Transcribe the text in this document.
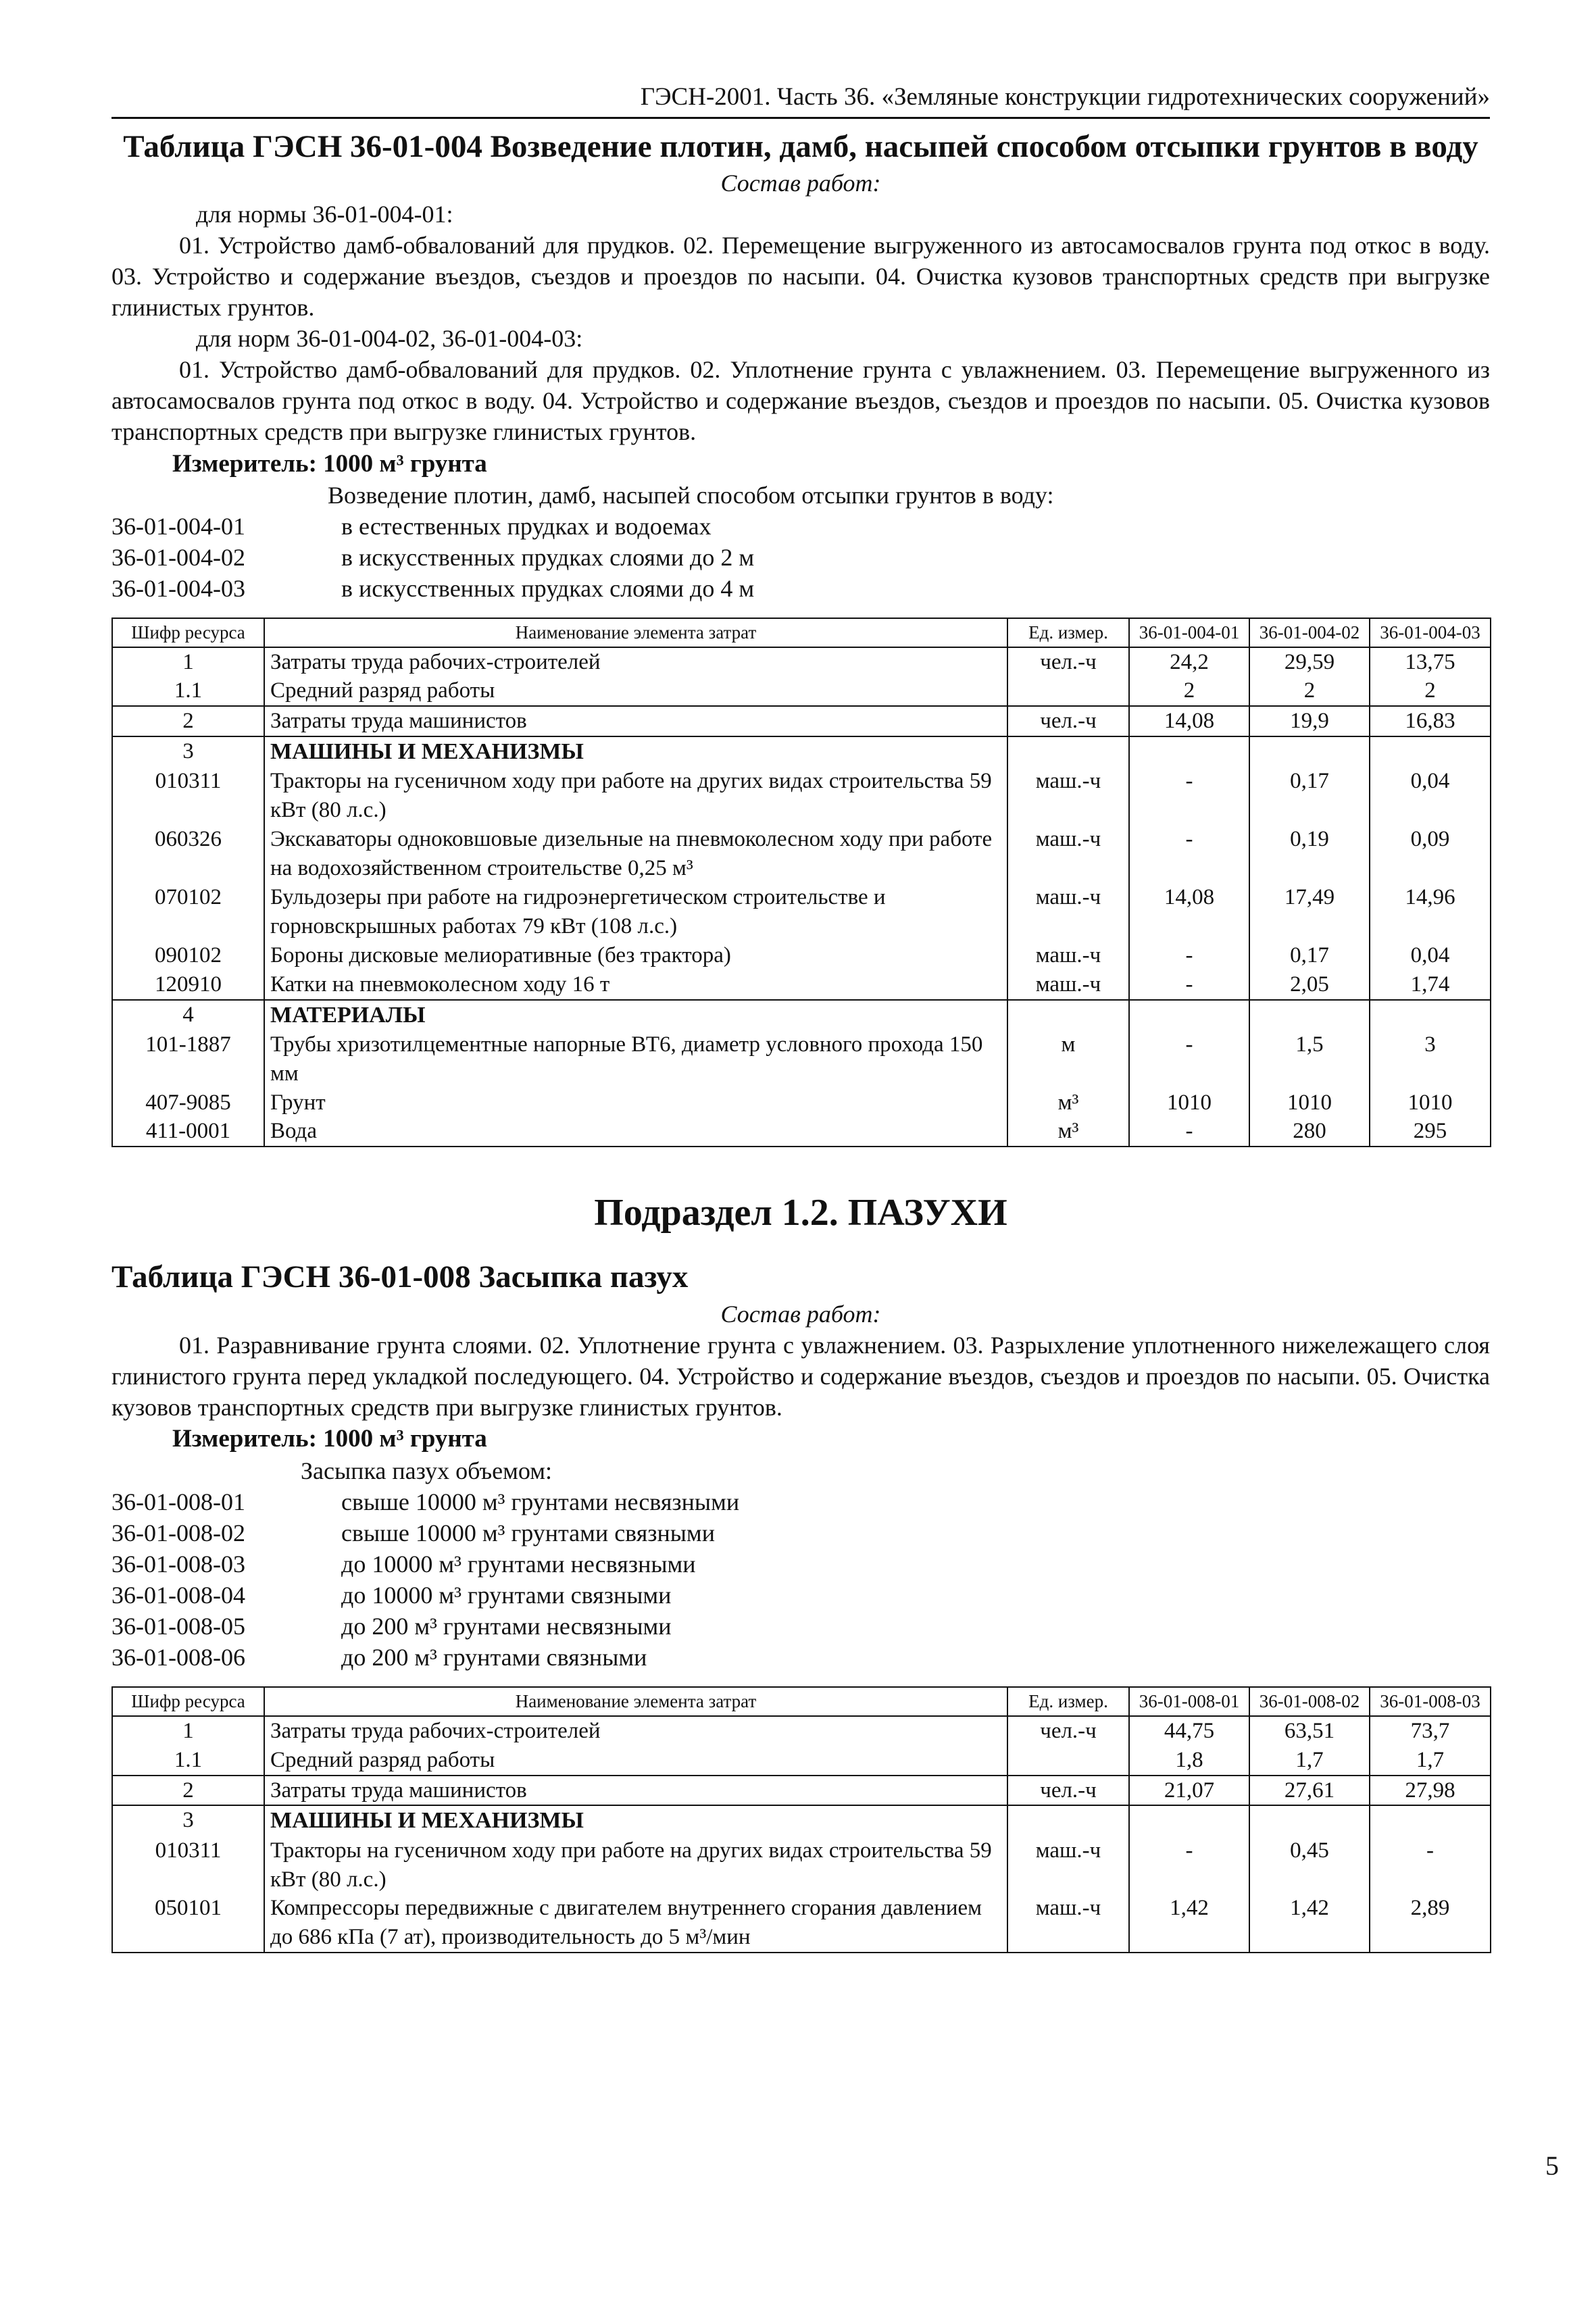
ГЭСН-2001. Часть 36. «Земляные конструкции гидротехнических сооружений»
Таблица ГЭСН 36-01-004 Возведение плотин, дамб, насыпей способом отсыпки грунтов в воду
Состав работ:

для нормы 36-01-004-01:

01. Устройство дамб-обвалований для прудков. 02. Перемещение выгруженного из автосамосвалов грунта под откос в воду. 03. Устройство и содержание въездов, съездов и проездов по насыпи. 04. Очистка кузовов транспортных средств при выгрузке глинистых грунтов.

для норм 36-01-004-02, 36-01-004-03:

01. Устройство дамб-обвалований для прудков. 02. Уплотнение грунта с увлажнением. 03. Перемещение выгруженного из автосамосвалов грунта под откос в воду. 04. Устройство и содержание въездов, съездов и проездов по насыпи. 05. Очистка кузовов транспортных средств при выгрузке глинистых грунтов.

Измеритель: 1000 м³ грунта

Возведение плотин, дамб, насыпей способом отсыпки грунтов в воду:

36-01-004-01	в естественных прудках и водоемах
36-01-004-02	в искусственных прудках слоями до 2 м
36-01-004-03	в искусственных прудках слоями до 4 м
Шифр ресурса	Наименование элемента затрат	Ед. измер.	36-01-004-01	36-01-004-02	36-01-004-03
1	Затраты труда рабочих-строителей	чел.-ч	24,2	29,59	13,75
1.1	Средний разряд работы		2	2	2
2	Затраты труда машинистов	чел.-ч	14,08	19,9	16,83
3	МАШИНЫ И МЕХАНИЗМЫ				
010311	Тракторы на гусеничном ходу при работе на других видах строительства 59 кВт (80 л.с.)	маш.-ч	-	0,17	0,04
060326	Экскаваторы одноковшовые дизельные на пневмоколесном ходу при работе на водохозяйственном строительстве 0,25 м³	маш.-ч	-	0,19	0,09
070102	Бульдозеры при работе на гидроэнергетическом строительстве и горновскрышных работах 79 кВт (108 л.с.)	маш.-ч	14,08	17,49	14,96
090102	Бороны дисковые мелиоративные (без трактора)	маш.-ч	-	0,17	0,04
120910	Катки на пневмоколесном ходу 16 т	маш.-ч	-	2,05	1,74
4	МАТЕРИАЛЫ				
101-1887	Трубы хризотилцементные напорные ВТ6, диаметр условного прохода 150 мм	м	-	1,5	3
407-9085	Грунт	м³	1010	1010	1010
411-0001	Вода	м³	-	280	295
Подраздел 1.2. ПАЗУХИ
Таблица ГЭСН 36-01-008 Засыпка пазух
Состав работ:

01. Разравнивание грунта слоями. 02. Уплотнение грунта с увлажнением. 03. Разрыхление уплотненного нижележащего слоя глинистого грунта перед укладкой последующего. 04. Устройство и содержание въездов, съездов и проездов по насыпи. 05. Очистка кузовов транспортных средств при выгрузке глинистых грунтов.

Измеритель: 1000 м³ грунта

Засыпка пазух объемом:

36-01-008-01	свыше 10000 м³ грунтами несвязными
36-01-008-02	свыше 10000 м³ грунтами связными
36-01-008-03	до 10000 м³ грунтами несвязными
36-01-008-04	до 10000 м³ грунтами связными
36-01-008-05	до 200 м³ грунтами несвязными
36-01-008-06	до 200 м³ грунтами связными
Шифр ресурса	Наименование элемента затрат	Ед. измер.	36-01-008-01	36-01-008-02	36-01-008-03
1	Затраты труда рабочих-строителей	чел.-ч	44,75	63,51	73,7
1.1	Средний разряд работы		1,8	1,7	1,7
2	Затраты труда машинистов	чел.-ч	21,07	27,61	27,98
3	МАШИНЫ И МЕХАНИЗМЫ				
010311	Тракторы на гусеничном ходу при работе на других видах строительства 59 кВт (80 л.с.)	маш.-ч	-	0,45	-
050101	Компрессоры передвижные с двигателем внутреннего сгорания давлением до 686 кПа (7 ат), производительность до 5 м³/мин	маш.-ч	1,42	1,42	2,89
5
